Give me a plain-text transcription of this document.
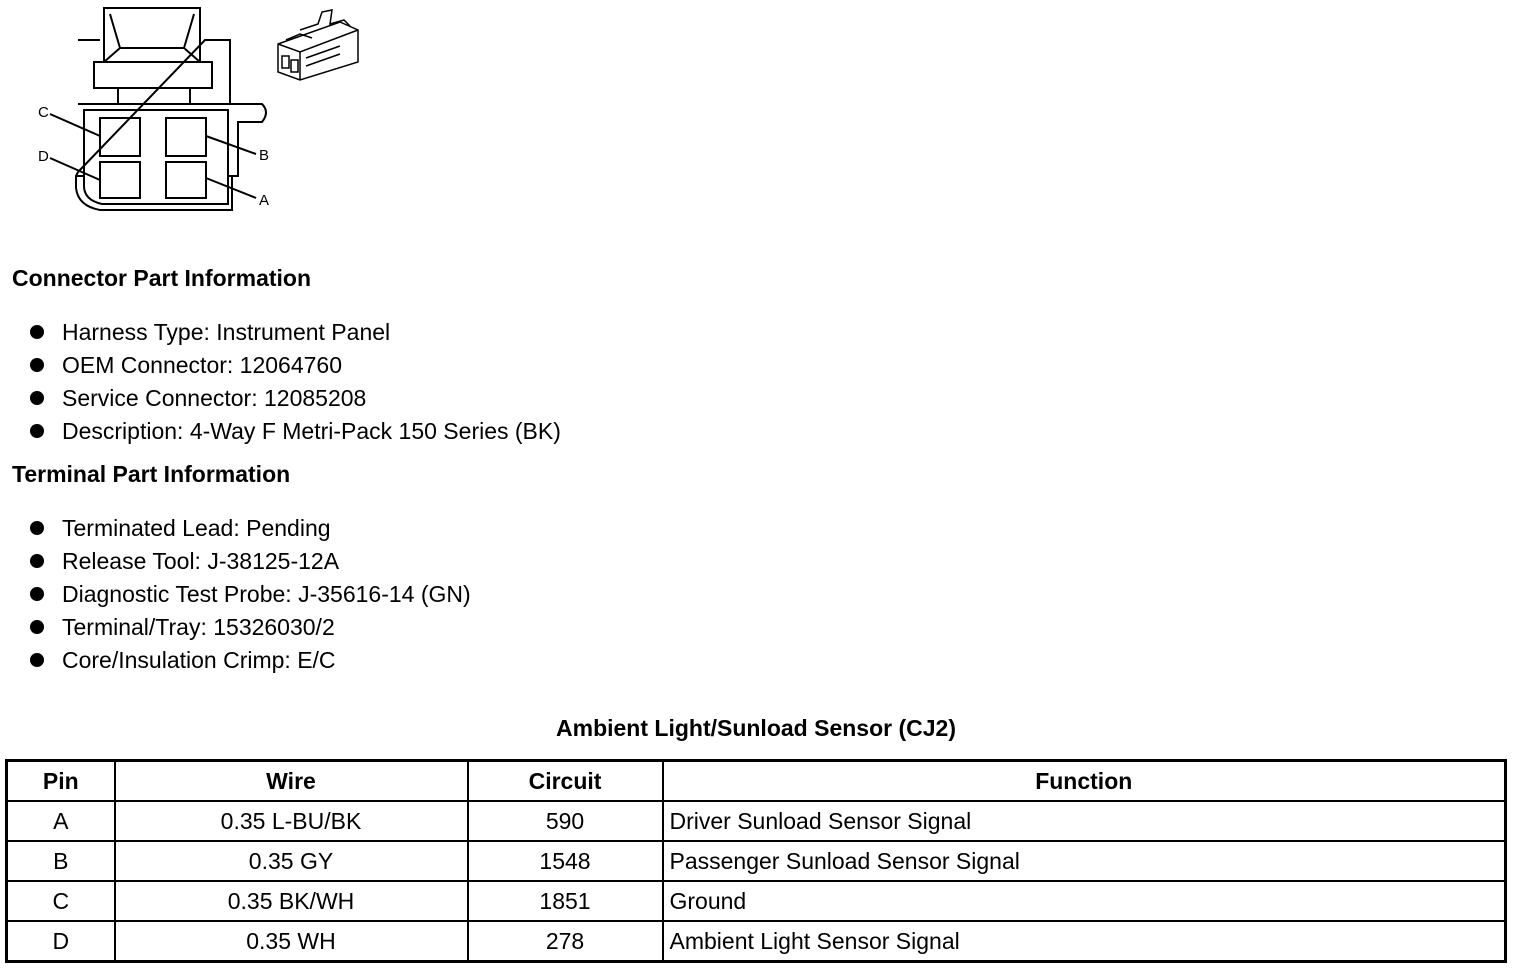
C
D	B
A
Connector Part Information
Harness Type: Instrument Panel
OEM Connector: 12064760
Service Connector: 12085208
Description: 4-Way F Metri-Pack 150 Series (BK)
Terminal Part Information
Terminated Lead: Pending
Release Tool: J-38125-12A
Diagnostic Test Probe: J-35616-14 (GN)
Terminal/Tray: 15326030/2
Core/Insulation Crimp: E/C
Ambient Light/Sunload Sensor (CJ2)
Pin	Wire	Circuit	Function
A	0.35 L-BU/BK	590	Driver Sunload Sensor Signal
B	0.35 GY	1548	Passenger Sunload Sensor Signal
C	0.35 BK/WH	1851	Ground
D	0.35 WH	278	Ambient Light Sensor Signal
